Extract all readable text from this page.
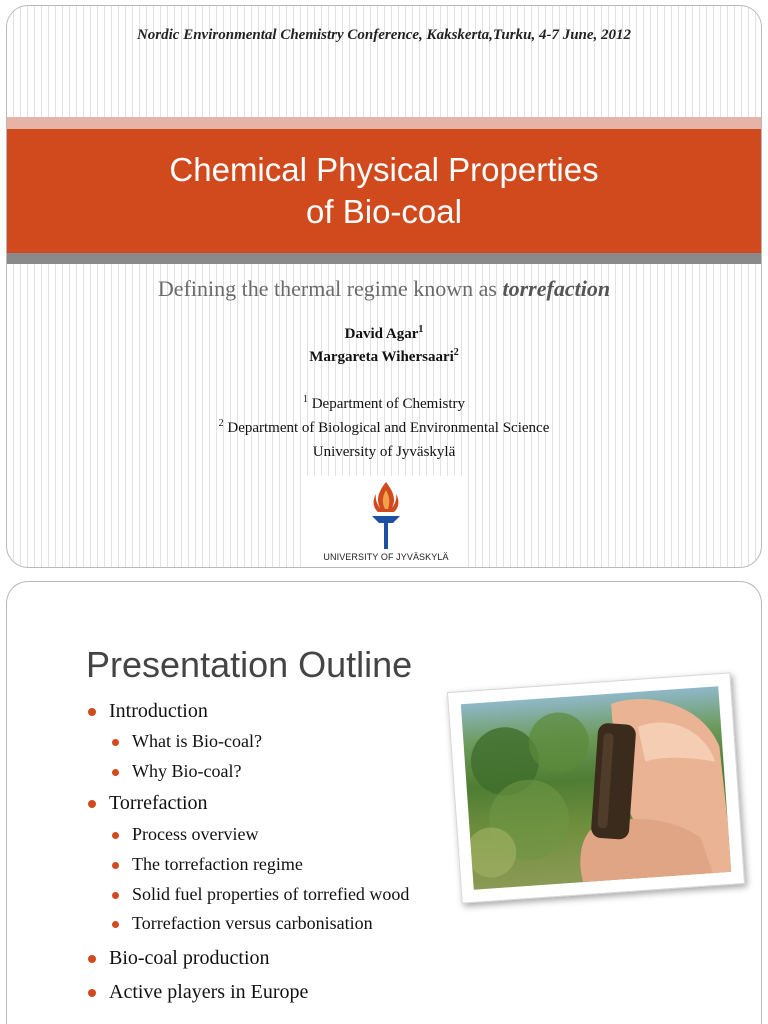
Nordic Environmental Chemistry Conference, Kakskerta,Turku, 4-7 June, 2012
Chemical Physical Properties
of Bio-coal
Defining the thermal regime known as torrefaction
David Agar$^1$
Margareta Wihersaari$^2$
$^1$ Department of Chemistry
$^2$ Department of Biological and Environmental Science
University of Jyväskylä
UNIVERSITY OF JYVÄSKYLÄ
Presentation Outline
Introduction
What is Bio-coal?
Why Bio-coal?
Torrefaction
Process overview
The torrefaction regime
Solid fuel properties of torrefied wood
Torrefaction versus carbonisation
Bio-coal production
Active players in Europe
